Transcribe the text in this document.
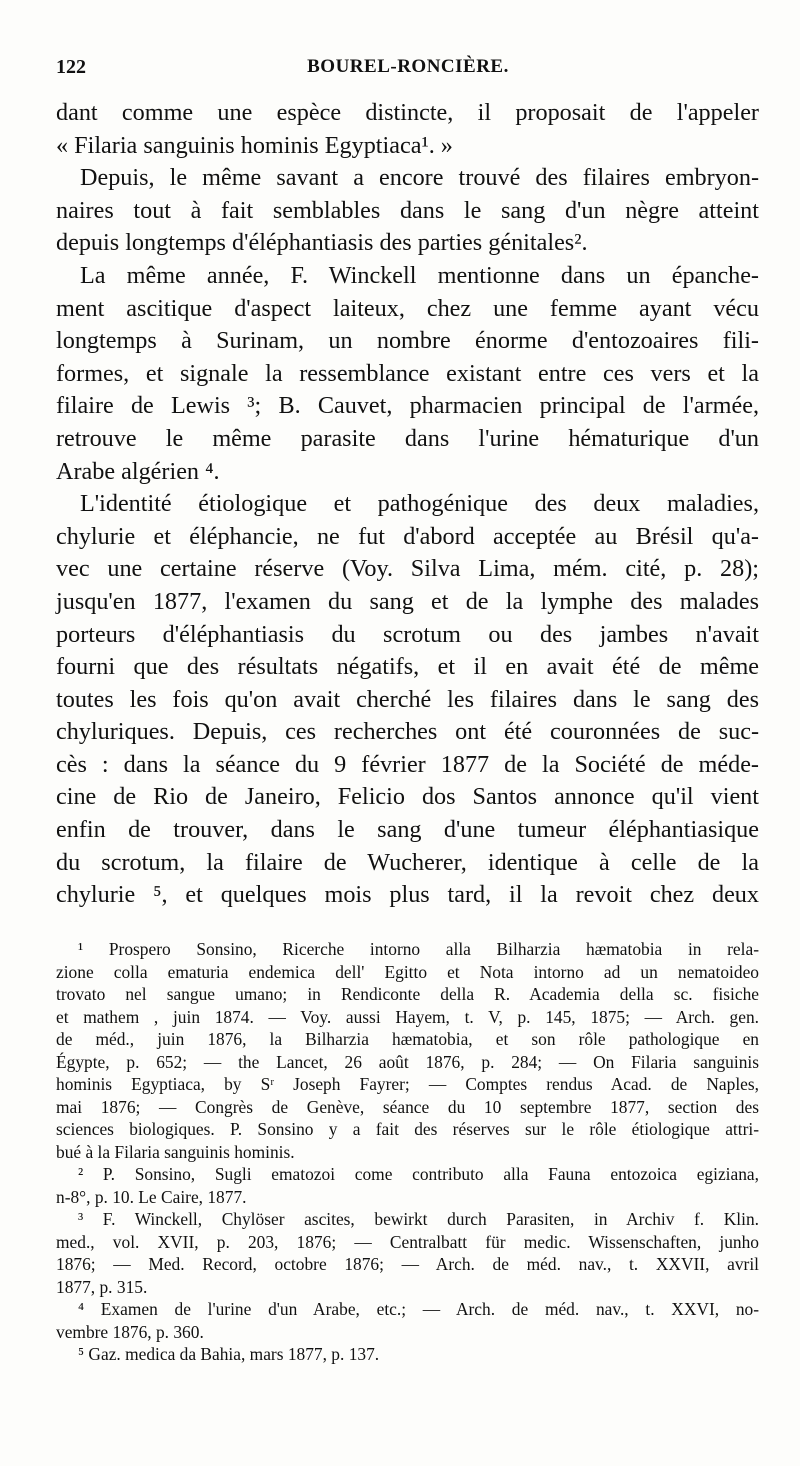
122	BOUREL-RONCIÈRE.
dant comme une espèce distincte, il proposait de l'appeler
« Filaria sanguinis hominis Egyptiaca¹. »
Depuis, le même savant a encore trouvé des filaires embryon-
naires tout à fait semblables dans le sang d'un nègre atteint
depuis longtemps d'éléphantiasis des parties génitales².
La même année, F. Winckell mentionne dans un épanche-
ment ascitique d'aspect laiteux, chez une femme ayant vécu
longtemps à Surinam, un nombre énorme d'entozoaires fili-
formes, et signale la ressemblance existant entre ces vers et la
filaire de Lewis ³; B. Cauvet, pharmacien principal de l'armée,
retrouve le même parasite dans l'urine hématurique d'un
Arabe algérien ⁴.
L'identité étiologique et pathogénique des deux maladies,
chylurie et éléphancie, ne fut d'abord acceptée au Brésil qu'a-
vec une certaine réserve (Voy. Silva Lima, mém. cité, p. 28);
jusqu'en 1877, l'examen du sang et de la lymphe des malades
porteurs d'éléphantiasis du scrotum ou des jambes n'avait
fourni que des résultats négatifs, et il en avait été de même
toutes les fois qu'on avait cherché les filaires dans le sang des
chyluriques. Depuis, ces recherches ont été couronnées de suc-
cès : dans la séance du 9 février 1877 de la Société de méde-
cine de Rio de Janeiro, Felicio dos Santos annonce qu'il vient
enfin de trouver, dans le sang d'une tumeur éléphantiasique
du scrotum, la filaire de Wucherer, identique à celle de la
chylurie ⁵, et quelques mois plus tard, il la revoit chez deux
¹ Prospero Sonsino, Ricerche intorno alla Bilharzia hæmatobia in rela-
zione colla ematuria endemica dell' Egitto et Nota intorno ad un nematoideo
trovato nel sangue umano; in Rendiconte della R. Academia della sc. fisiche
et mathem , juin 1874. — Voy. aussi Hayem, t. V, p. 145, 1875; — Arch. gen.
de méd., juin 1876, la Bilharzia hæmatobia, et son rôle pathologique en
Égypte, p. 652; — the Lancet, 26 août 1876, p. 284; — On Filaria sanguinis
hominis Egyptiaca, by Sʳ Joseph Fayrer; — Comptes rendus Acad. de Naples,
mai 1876; — Congrès de Genève, séance du 10 septembre 1877, section des
sciences biologiques. P. Sonsino y a fait des réserves sur le rôle étiologique attri-
bué à la Filaria sanguinis hominis.
² P. Sonsino, Sugli ematozoi come contributo alla Fauna entozoica egiziana,
n-8°, p. 10. Le Caire, 1877.
³ F. Winckell, Chylöser ascites, bewirkt durch Parasiten, in Archiv f. Klin.
med., vol. XVII, p. 203, 1876; — Centralbatt für medic. Wissenschaften, junho
1876; — Med. Record, octobre 1876; — Arch. de méd. nav., t. XXVII, avril
1877, p. 315.
⁴ Examen de l'urine d'un Arabe, etc.; — Arch. de méd. nav., t. XXVI, no-
vembre 1876, p. 360.
⁵ Gaz. medica da Bahia, mars 1877, p. 137.
